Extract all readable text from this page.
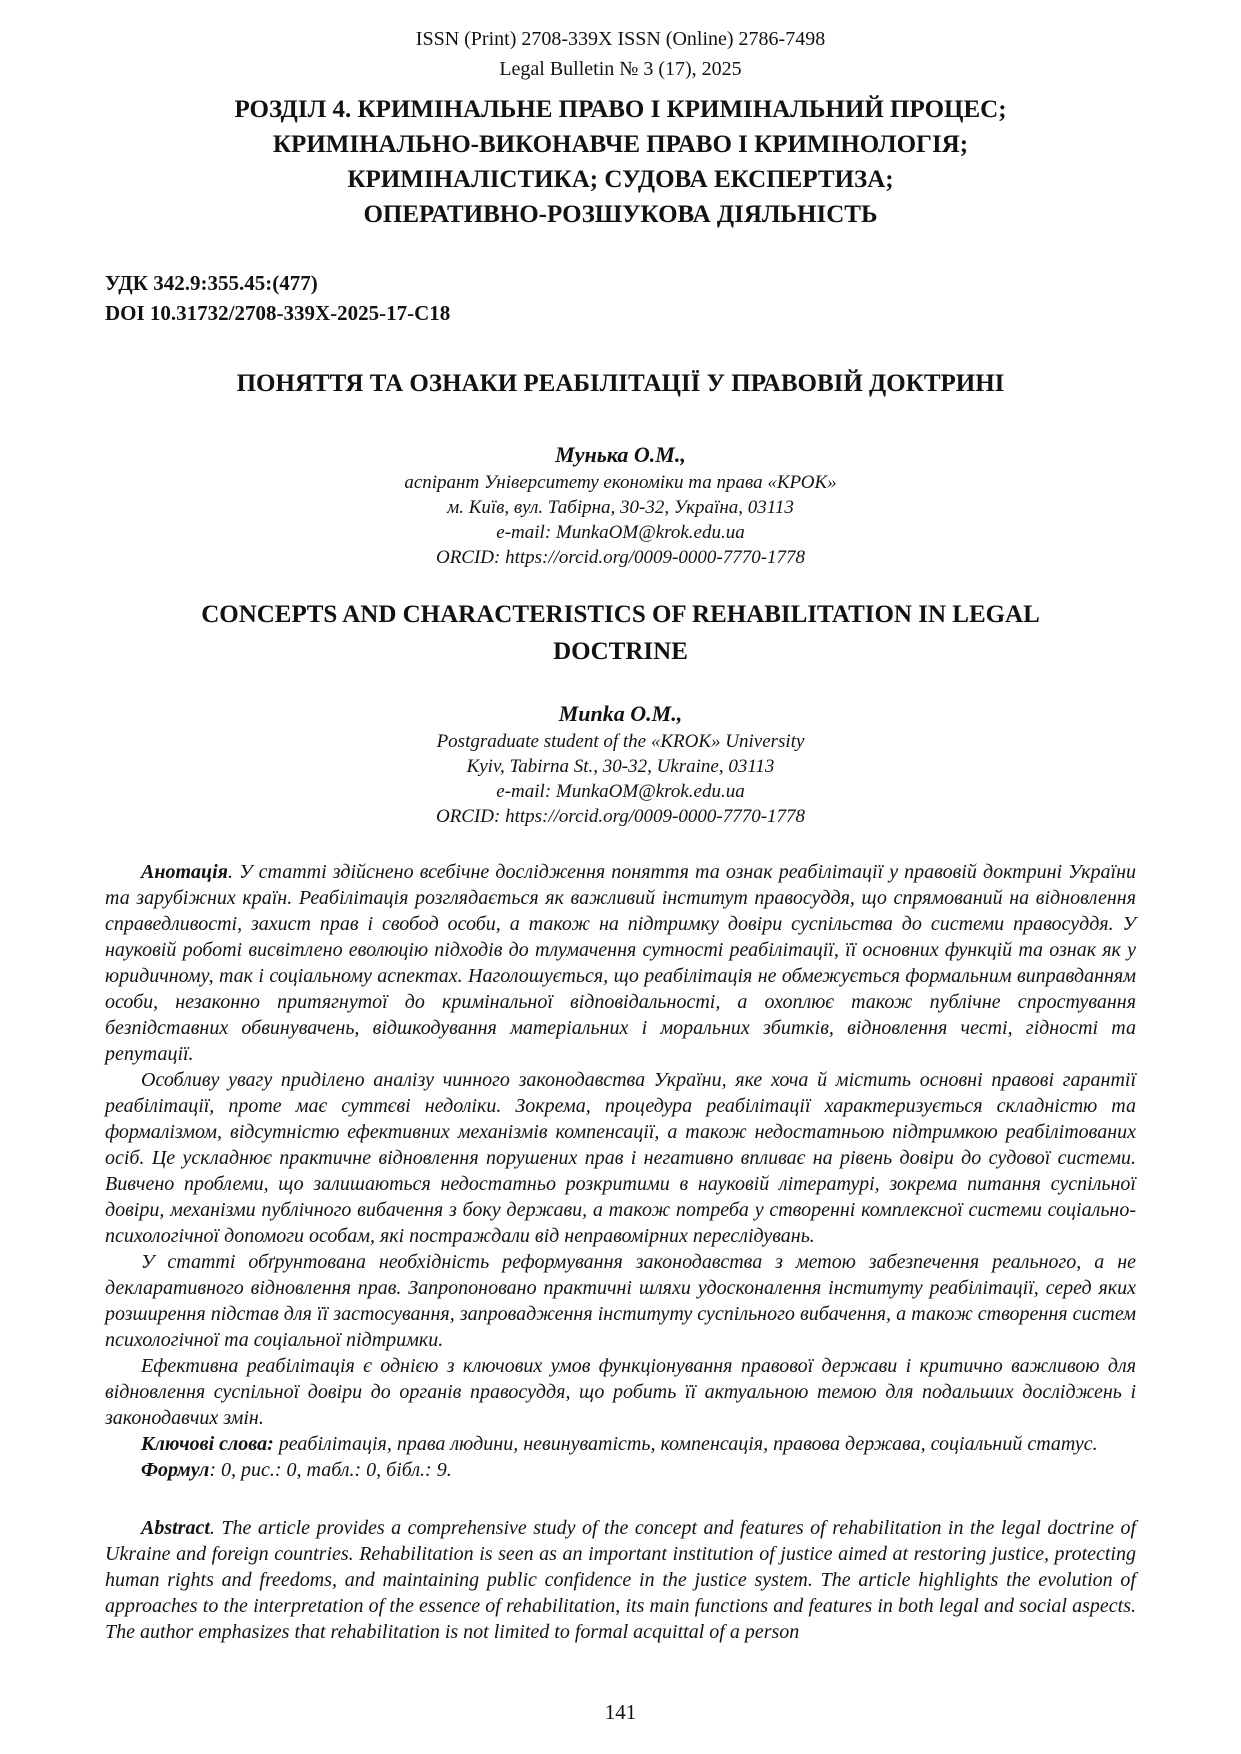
ISSN (Print) 2708-339X ISSN (Online) 2786-7498
Legal Bulletin № 3 (17), 2025
РОЗДІЛ 4. КРИМІНАЛЬНЕ ПРАВО І КРИМІНАЛЬНИЙ ПРОЦЕС;
КРИМІНАЛЬНО-ВИКОНАВЧЕ ПРАВО І КРИМІНОЛОГІЯ;
КРИМІНАЛІСТИКА; СУДОВА ЕКСПЕРТИЗА;
ОПЕРАТИВНО-РОЗШУКОВА ДІЯЛЬНІСТЬ
УДК 342.9:355.45:(477)
DOI 10.31732/2708-339X-2025-17-C18
ПОНЯТТЯ ТА ОЗНАКИ РЕАБІЛІТАЦІЇ У ПРАВОВІЙ ДОКТРИНІ
Мунька О.М.,
аспірант Університету економіки та права «КРОК»
м. Київ, вул. Табірна, 30-32, Україна, 03113
e-mail: MunkaOM@krok.edu.ua
ORCID: https://orcid.org/0009-0000-7770-1778
CONCEPTS AND CHARACTERISTICS OF REHABILITATION IN LEGAL
DOCTRINE
Munka O.M.,
Postgraduate student of the «KROK» University
Kyiv, Tabirna St., 30-32, Ukraine, 03113
e-mail: MunkaOM@krok.edu.ua
ORCID: https://orcid.org/0009-0000-7770-1778

Анотація. У статті здійснено всебічне дослідження поняття та ознак реабілітації у правовій доктрині України та зарубіжних країн. Реабілітація розглядається як важливий інститут правосуддя, що спрямований на відновлення справедливості, захист прав і свобод особи, а також на підтримку довіри суспільства до системи правосуддя. У науковій роботі висвітлено еволюцію підходів до тлумачення сутності реабілітації, її основних функцій та ознак як у юридичному, так і соціальному аспектах. Наголошується, що реабілітація не обмежується формальним виправданням особи, незаконно притягнутої до кримінальної відповідальності, а охоплює також публічне спростування безпідставних обвинувачень, відшкодування матеріальних і моральних збитків, відновлення честі, гідності та репутації.

Особливу увагу приділено аналізу чинного законодавства України, яке хоча й містить основні правові гарантії реабілітації, проте має суттєві недоліки. Зокрема, процедура реабілітації характеризується складністю та формалізмом, відсутністю ефективних механізмів компенсації, а також недостатньою підтримкою реабілітованих осіб. Це ускладнює практичне відновлення порушених прав і негативно впливає на рівень довіри до судової системи. Вивчено проблеми, що залишаються недостатньо розкритими в науковій літературі, зокрема питання суспільної довіри, механізми публічного вибачення з боку держави, а також потреба у створенні комплексної системи соціально-психологічної допомоги особам, які постраждали від неправомірних переслідувань.

У статті обґрунтована необхідність реформування законодавства з метою забезпечення реального, а не декларативного відновлення прав. Запропоновано практичні шляхи удосконалення інституту реабілітації, серед яких розширення підстав для її застосування, запровадження інституту суспільного вибачення, а також створення систем психологічної та соціальної підтримки.

Ефективна реабілітація є однією з ключових умов функціонування правової держави і критично важливою для відновлення суспільної довіри до органів правосуддя, що робить її актуальною темою для подальших досліджень і законодавчих змін.

Ключові слова: реабілітація, права людини, невинуватість, компенсація, правова держава, соціальний статус.

Формул: 0, рис.: 0, табл.: 0, бібл.: 9.

Abstract. The article provides a comprehensive study of the concept and features of rehabilitation in the legal doctrine of Ukraine and foreign countries. Rehabilitation is seen as an important institution of justice aimed at restoring justice, protecting human rights and freedoms, and maintaining public confidence in the justice system. The article highlights the evolution of approaches to the interpretation of the essence of rehabilitation, its main functions and features in both legal and social aspects. The author emphasizes that rehabilitation is not limited to formal acquittal of a person

141
